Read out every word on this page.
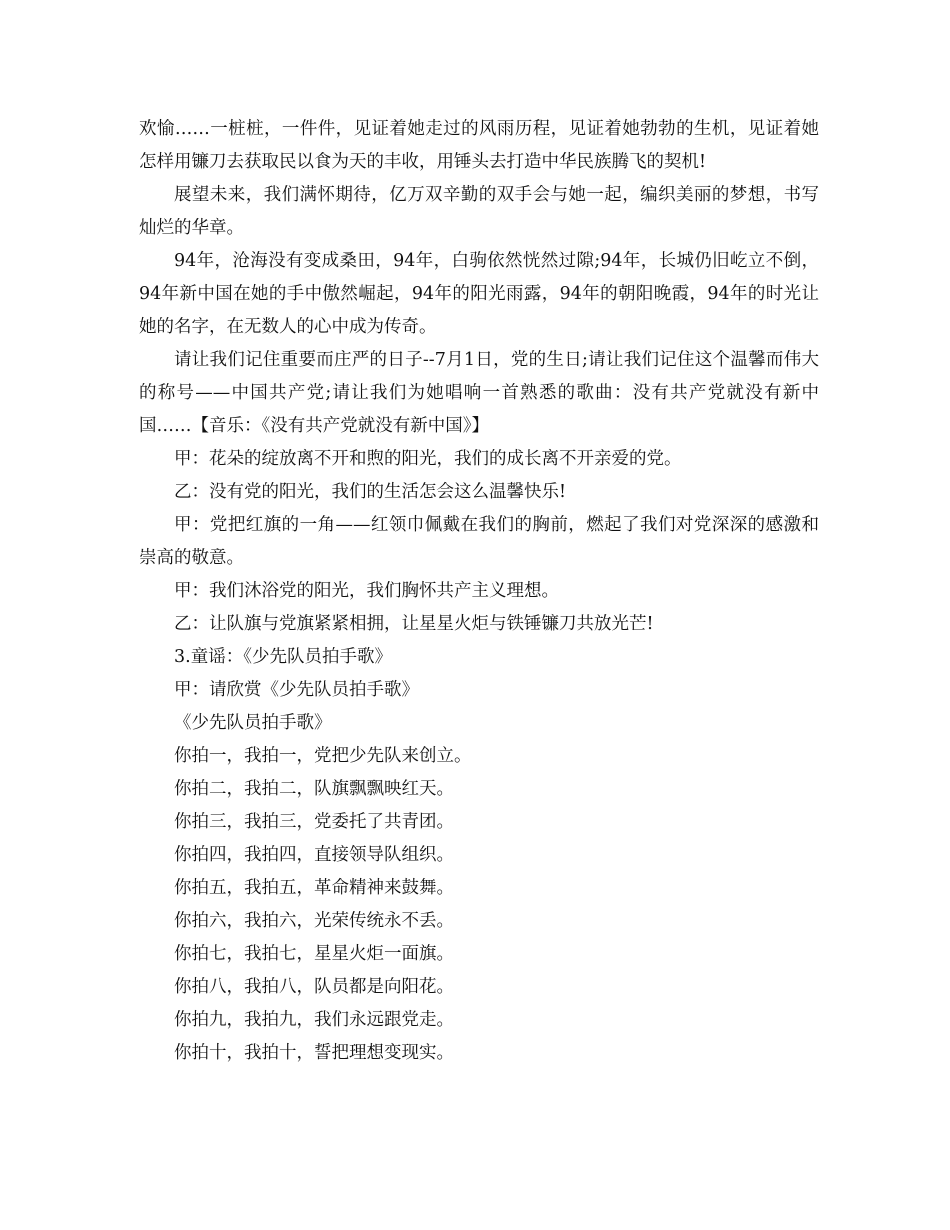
欢愉……一桩桩，一件件，见证着她走过的风雨历程，见证着她勃勃的生机，见证着她怎样用镰刀去获取民以食为天的丰收，用锤头去打造中华民族腾飞的契机!

展望未来，我们满怀期待，亿万双辛勤的双手会与她一起，编织美丽的梦想，书写灿烂的华章。

94年，沧海没有变成桑田，94年，白驹依然恍然过隙;94年，长城仍旧屹立不倒，94年新中国在她的手中傲然崛起，94年的阳光雨露，94年的朝阳晚霞，94年的时光让她的名字，在无数人的心中成为传奇。

请让我们记住重要而庄严的日子--7月1日，党的生日;请让我们记住这个温馨而伟大的称号——中国共产党;请让我们为她唱响一首熟悉的歌曲：没有共产党就没有新中国……【音乐：《没有共产党就没有新中国》】

甲：花朵的绽放离不开和煦的阳光，我们的成长离不开亲爱的党。

乙：没有党的阳光，我们的生活怎会这么温馨快乐!

甲：党把红旗的一角——红领巾佩戴在我们的胸前，燃起了我们对党深深的感激和崇高的敬意。

甲：我们沐浴党的阳光，我们胸怀共产主义理想。

乙：让队旗与党旗紧紧相拥，让星星火炬与铁锤镰刀共放光芒!

3.童谣：《少先队员拍手歌》

甲：请欣赏《少先队员拍手歌》

《少先队员拍手歌》

你拍一，我拍一，党把少先队来创立。

你拍二，我拍二，队旗飘飘映红天。

你拍三，我拍三，党委托了共青团。

你拍四，我拍四，直接领导队组织。

你拍五，我拍五，革命精神来鼓舞。

你拍六，我拍六，光荣传统永不丢。

你拍七，我拍七，星星火炬一面旗。

你拍八，我拍八，队员都是向阳花。

你拍九，我拍九，我们永远跟党走。

你拍十，我拍十，誓把理想变现实。
